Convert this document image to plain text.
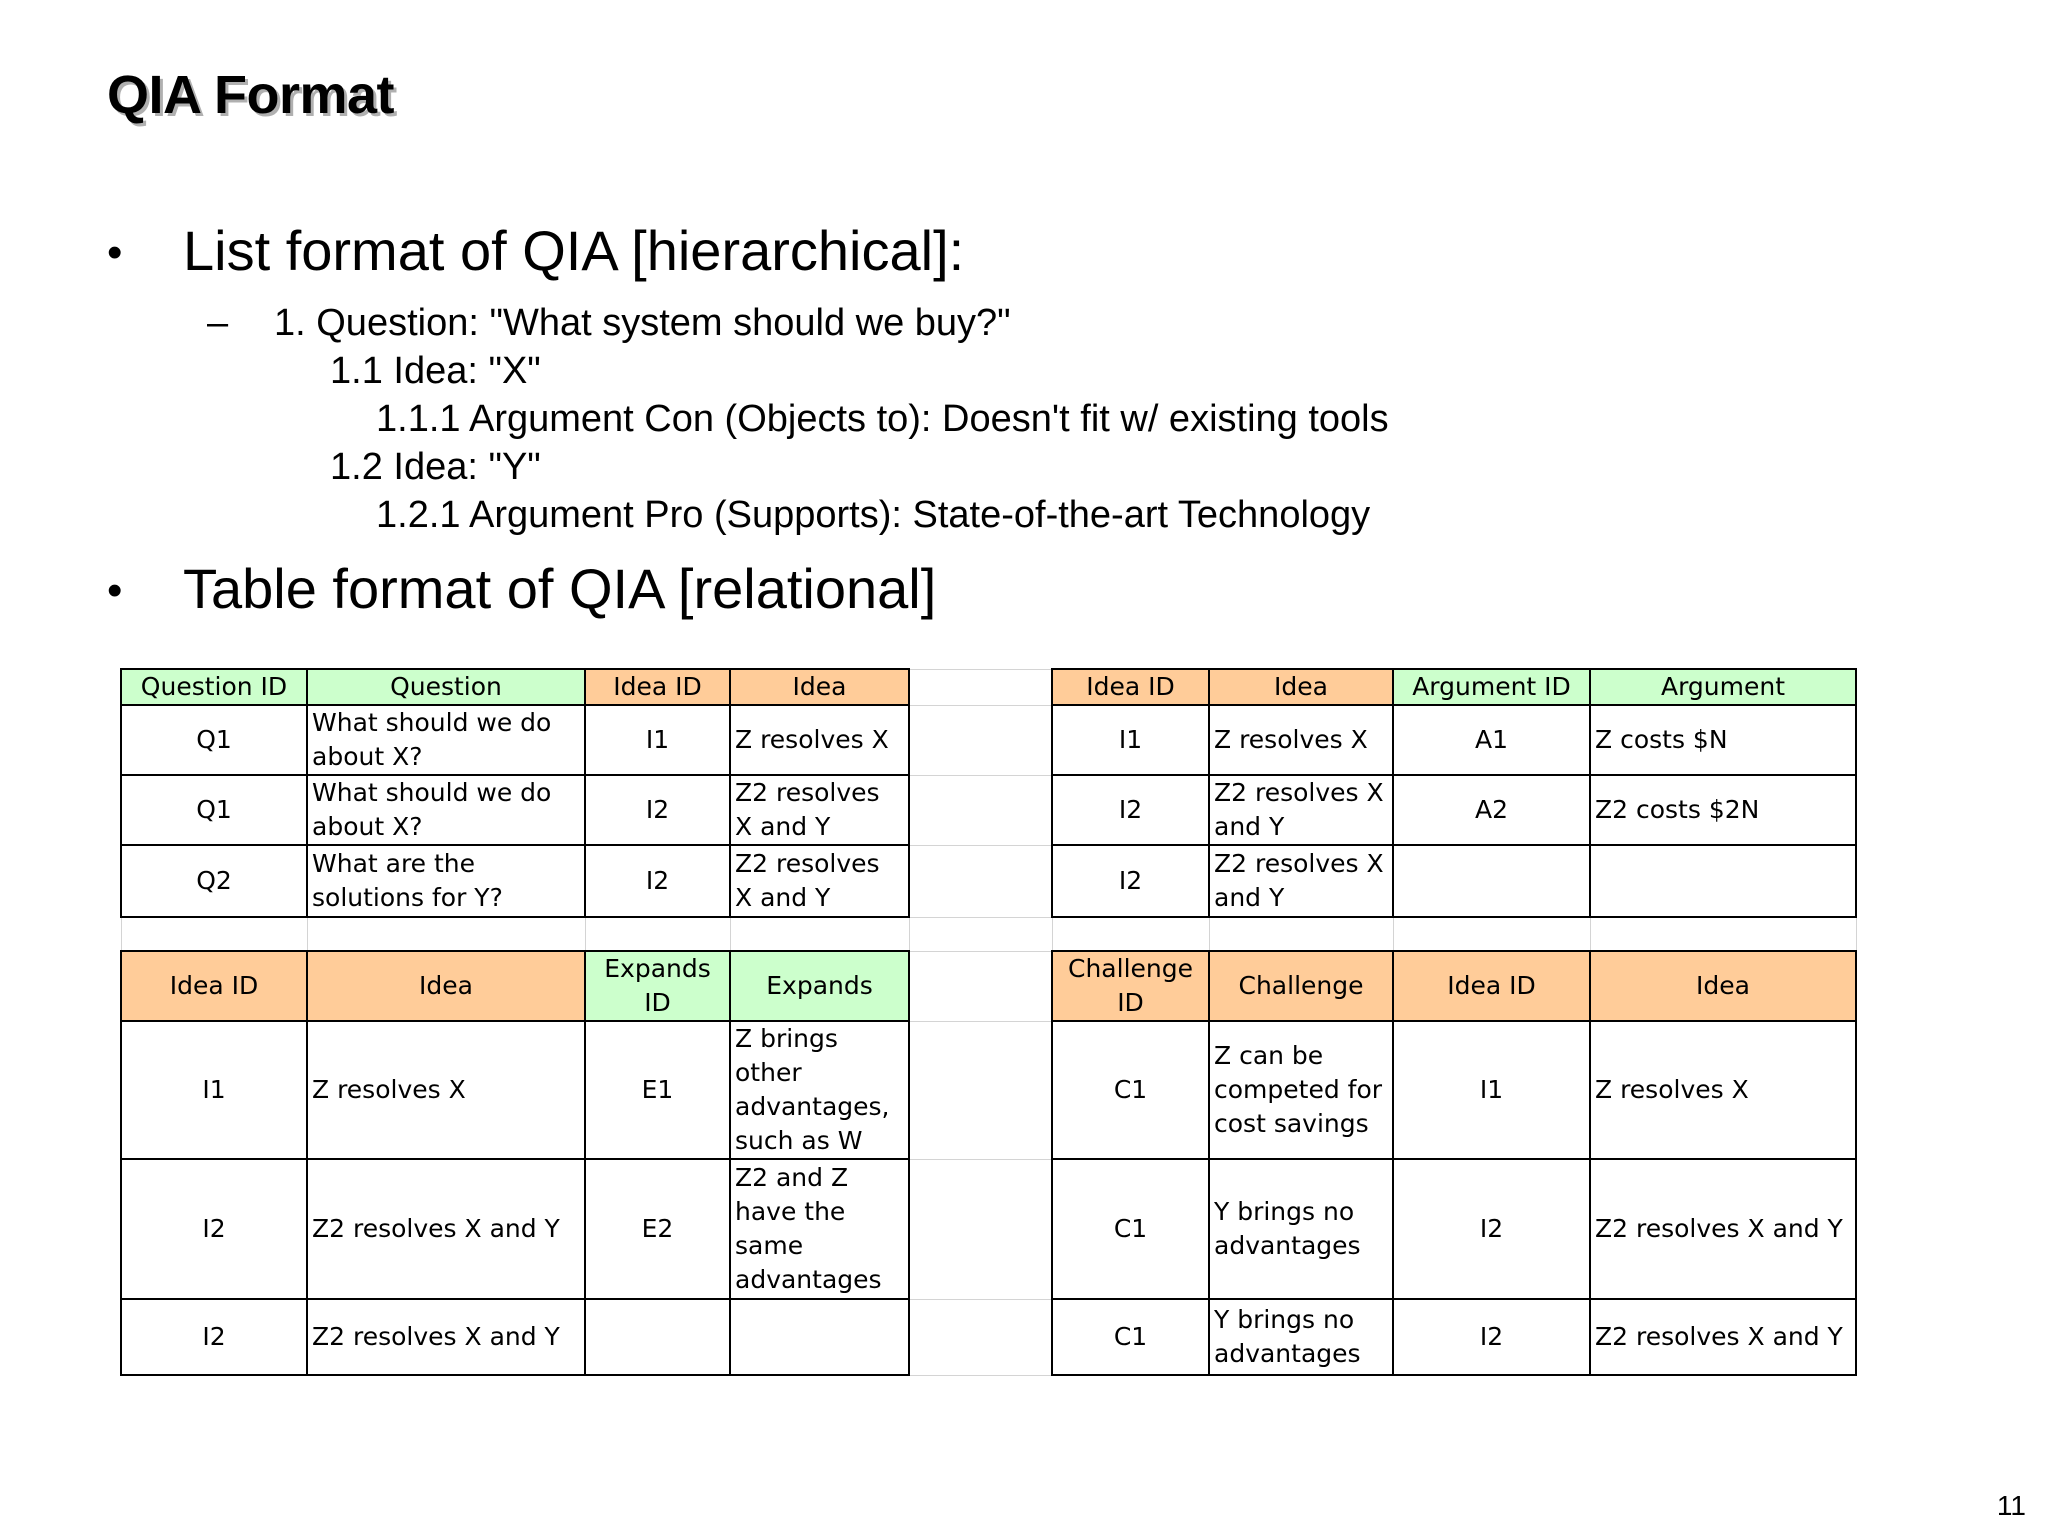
QIA Format
• List format of QIA [hierarchical]:
– 1. Question: "What system should we buy?"
1.1 Idea: "X"
1.1.1 Argument Con (Objects to): Doesn't fit w/ existing tools
1.2 Idea: "Y"
1.2.1 Argument Pro (Supports): State-of-the-art Technology
• Table format of QIA [relational]
Question ID	Question	Idea ID	Idea		Idea ID	Idea	Argument ID	Argument
Q1	What should we do about X?	I1	Z resolves X		I1	Z resolves X	A1	Z costs $N
Q1	What should we do about X?	I2	Z2 resolves X and Y		I2	Z2 resolves X and Y	A2	Z2 costs $2N
Q2	What are the solutions for Y?	I2	Z2 resolves X and Y		I2	Z2 resolves X and Y		

Idea ID	Idea	Expands ID	Expands		Challenge ID	Challenge	Idea ID	Idea
I1	Z resolves X	E1	Z brings other advantages, such as W		C1	Z can be competed for cost savings	I1	Z resolves X
I2	Z2 resolves X and Y	E2	Z2 and Z have the same advantages		C1	Y brings no advantages	I2	Z2 resolves X and Y
I2	Z2 resolves X and Y				C1	Y brings no advantages	I2	Z2 resolves X and Y
11
